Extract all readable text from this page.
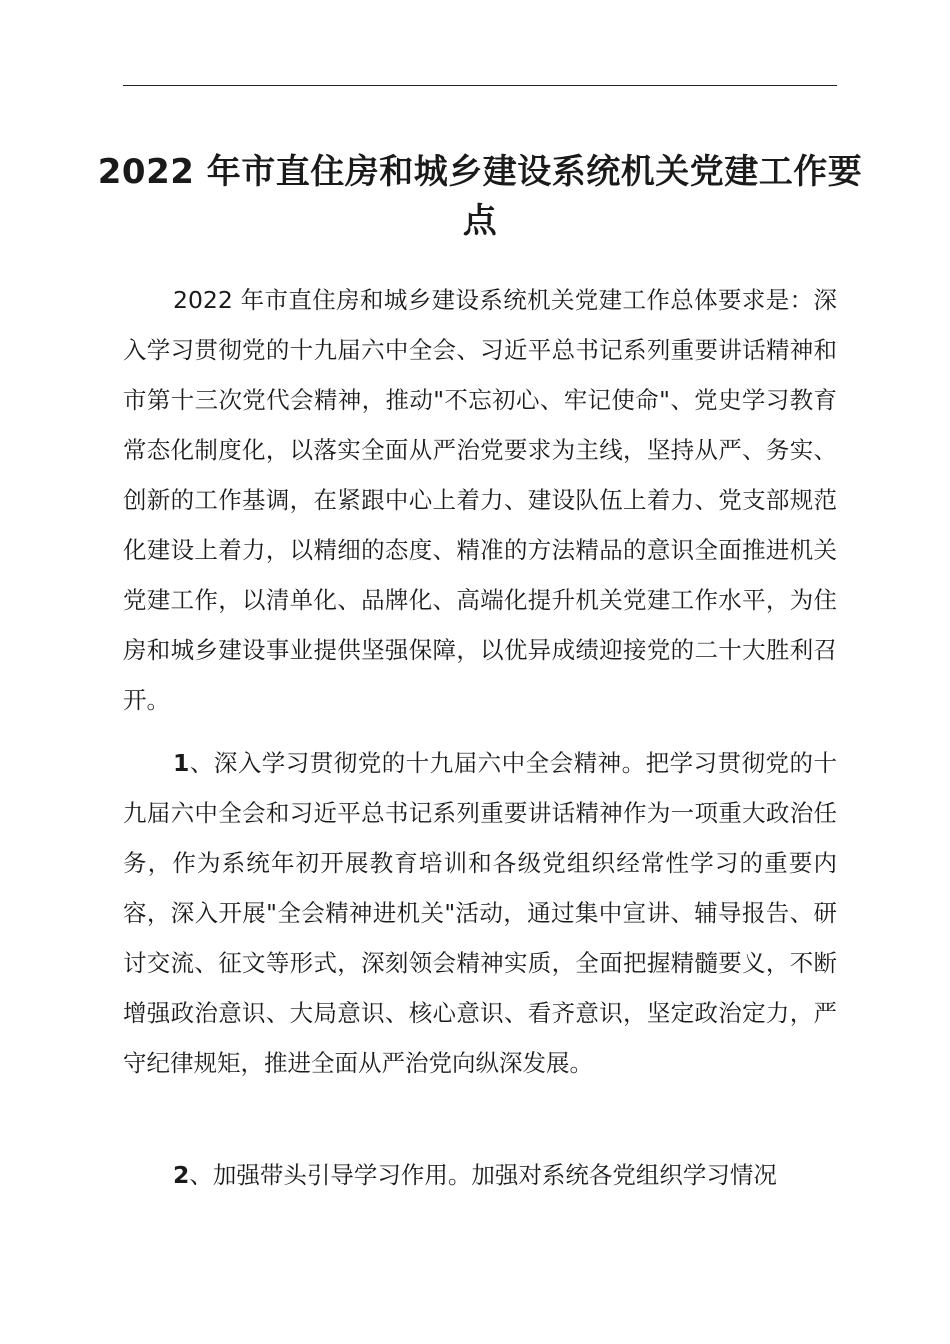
2022 年市直住房和城乡建设系统机关党建工作要点

2022 年市直住房和城乡建设系统机关党建工作总体要求是：深入学习贯彻党的十九届六中全会、习近平总书记系列重要讲话精神和市第十三次党代会精神，推动"不忘初心、牢记使命"、党史学习教育常态化制度化，以落实全面从严治党要求为主线，坚持从严、务实、创新的工作基调，在紧跟中心上着力、建设队伍上着力、党支部规范化建设上着力，以精细的态度、精准的方法精品的意识全面推进机关党建工作，以清单化、品牌化、高端化提升机关党建工作水平，为住房和城乡建设事业提供坚强保障，以优异成绩迎接党的二十大胜利召开。

1、深入学习贯彻党的十九届六中全会精神。把学习贯彻党的十九届六中全会和习近平总书记系列重要讲话精神作为一项重大政治任务，作为系统年初开展教育培训和各级党组织经常性学习的重要内容，深入开展"全会精神进机关"活动，通过集中宣讲、辅导报告、研讨交流、征文等形式，深刻领会精神实质，全面把握精髓要义，不断增强政治意识、大局意识、核心意识、看齐意识，坚定政治定力，严守纪律规矩，推进全面从严治党向纵深发展。

2、加强带头引导学习作用。加强对系统各党组织学习情况
